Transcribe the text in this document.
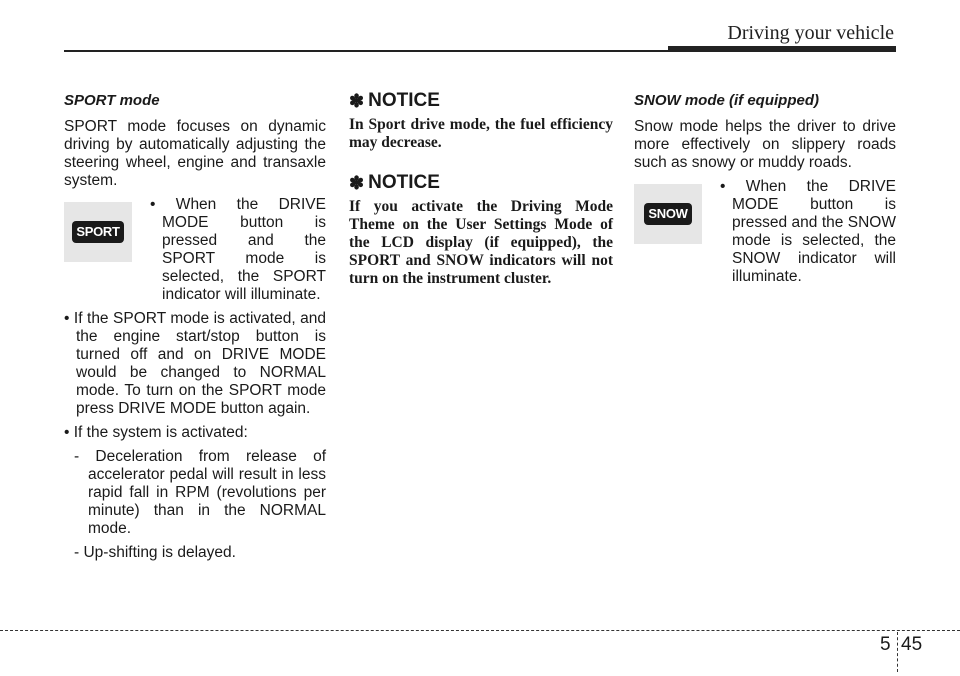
Driving your vehicle
SPORT mode
SPORT mode focuses on dynamic driving by automatically adjusting the steering wheel, engine and transaxle system.
SPORT
• When the DRIVE MODE button is pressed and the SPORT mode is selected, the SPORT indicator will illuminate.
• If the SPORT mode is activated, and the engine start/stop button is turned off and on DRIVE MODE would be changed to NORMAL mode. To turn on the SPORT mode press DRIVE MODE button again.
• If the system is activated:
- Deceleration from release of accelerator pedal will result in less rapid fall in RPM (revolutions per minute) than in the NORMAL mode.
- Up-shifting is delayed.
✽ NOTICE
In Sport drive mode, the fuel efficiency may decrease.
✽ NOTICE
If you activate the Driving Mode Theme on the User Settings Mode of the LCD display (if equipped), the SPORT and SNOW indicators will not turn on the instrument cluster.
SNOW mode (if equipped)
Snow mode helps the driver to drive more effectively on slippery roads such as snowy or muddy roads.
SNOW
• When the DRIVE MODE button is pressed and the SNOW mode is selected, the SNOW indicator will illuminate.
5 45
